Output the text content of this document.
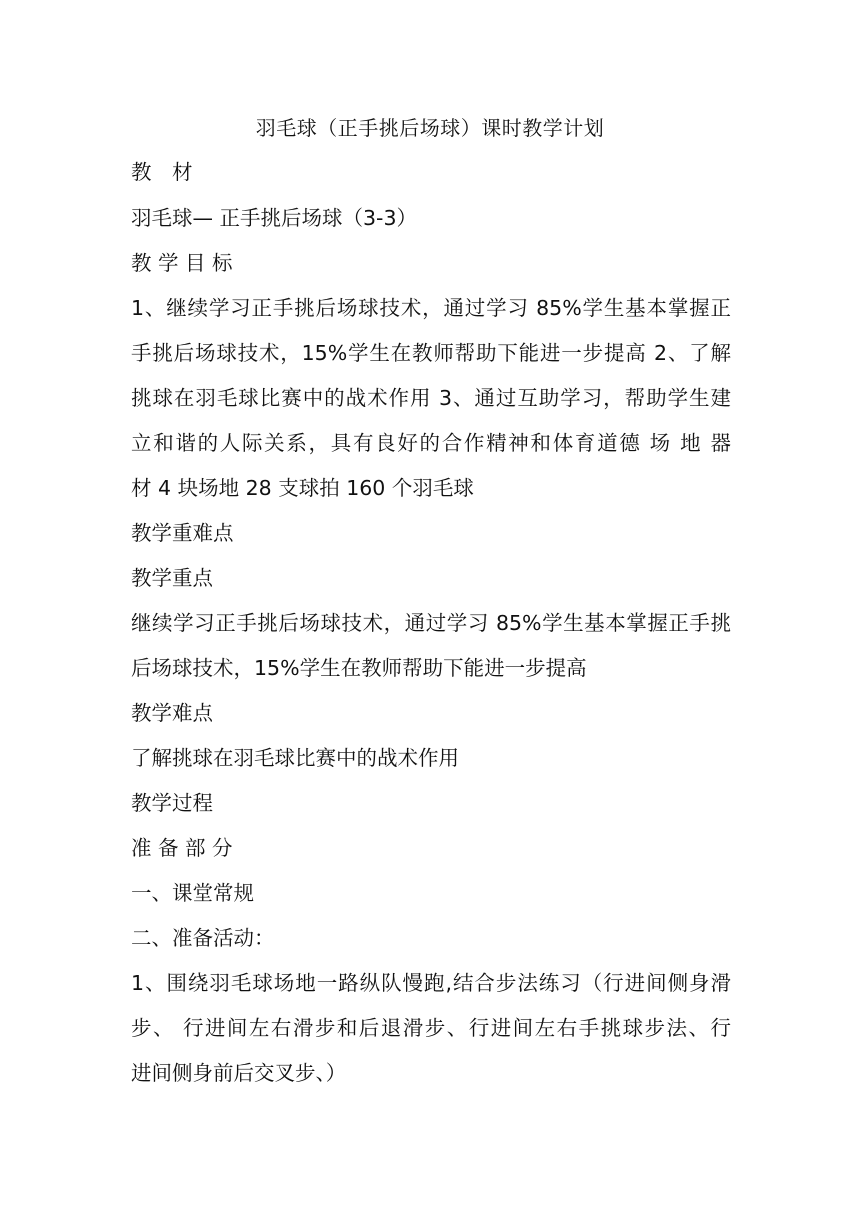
羽毛球（正手挑后场球）课时教学计划
教　材
羽毛球— 正手挑后场球（3-3）
教 学 目 标
1、继续学习正手挑后场球技术，通过学习 85%学生基本掌握正
手挑后场球技术，15%学生在教师帮助下能进一步提高 2、了解
挑球在羽毛球比赛中的战术作用 3、通过互助学习，帮助学生建
立和谐的人际关系，具有良好的合作精神和体育道德 场 地 器
材 4 块场地 28 支球拍 160 个羽毛球
教学重难点
教学重点
继续学习正手挑后场球技术，通过学习 85%学生基本掌握正手挑
后场球技术，15%学生在教师帮助下能进一步提高
教学难点
了解挑球在羽毛球比赛中的战术作用
教学过程
准 备 部 分
一、课堂常规
二、准备活动：
1、围绕羽毛球场地一路纵队慢跑,结合步法练习（行进间侧身滑
步、 行进间左右滑步和后退滑步、行进间左右手挑球步法、行
进间侧身前后交叉步、）
